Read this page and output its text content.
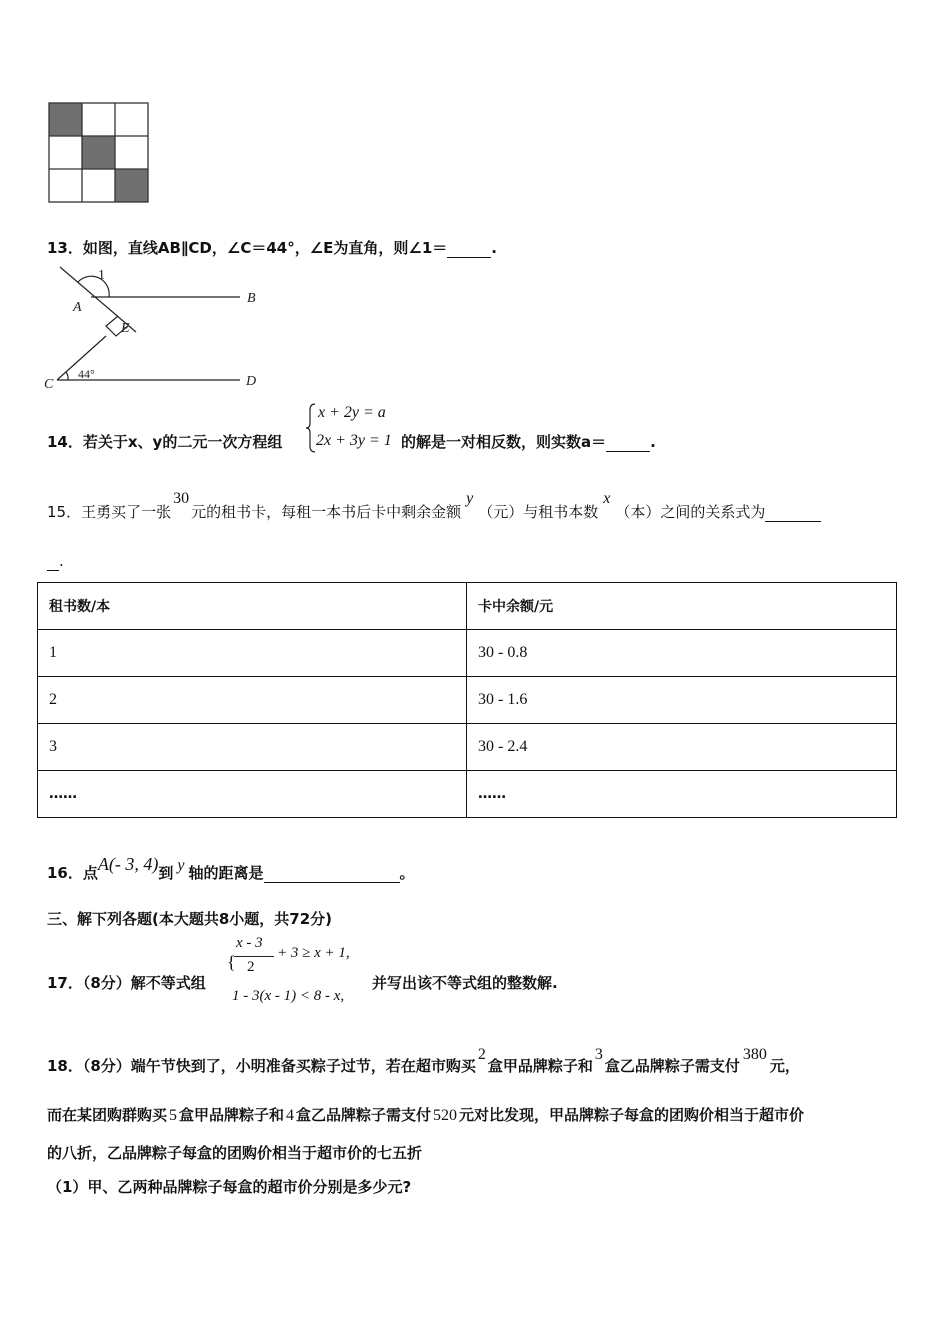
13．如图，直线AB∥CD，∠C＝44°，∠E为直角，则∠1＝	.
1
A
B
E
C	D
44°
14．若关于x、y的二元一次方程组
x + 2y = a
2x + 3y = 1 的解是一对相反数，则实数a＝	.
15．王勇买了一张30元的租书卡，每租一本书后卡中剩余金额y（元）与租书本数x（本）之间的关系式为
.
租书数/本	卡中余额/元
1	30 - 0.8
2	30 - 1.6
3	30 - 2.4
……	……
16．点A(- 3, 4)到 y 轴的距离是	。
三、解下列各题(本大题共8小题，共72分)
17．（8分）解不等式组
{
x - 3
2
+ 3 ≥ x + 1,
1 - 3(x - 1) < 8 - x,
并写出该不等式组的整数解.
18．（8分）端午节快到了，小明准备买粽子过节，若在超市购买2盒甲品牌粽子和3盒乙品牌粽子需支付380元，
而在某团购群购买 5 盒甲品牌粽子和 4 盒乙品牌粽子需支付 520 元对比发现，甲品牌粽子每盒的团购价相当于超市价
的八折，乙品牌粽子每盒的团购价相当于超市价的七五折
（1）甲、乙两种品牌粽子每盒的超市价分别是多少元?
